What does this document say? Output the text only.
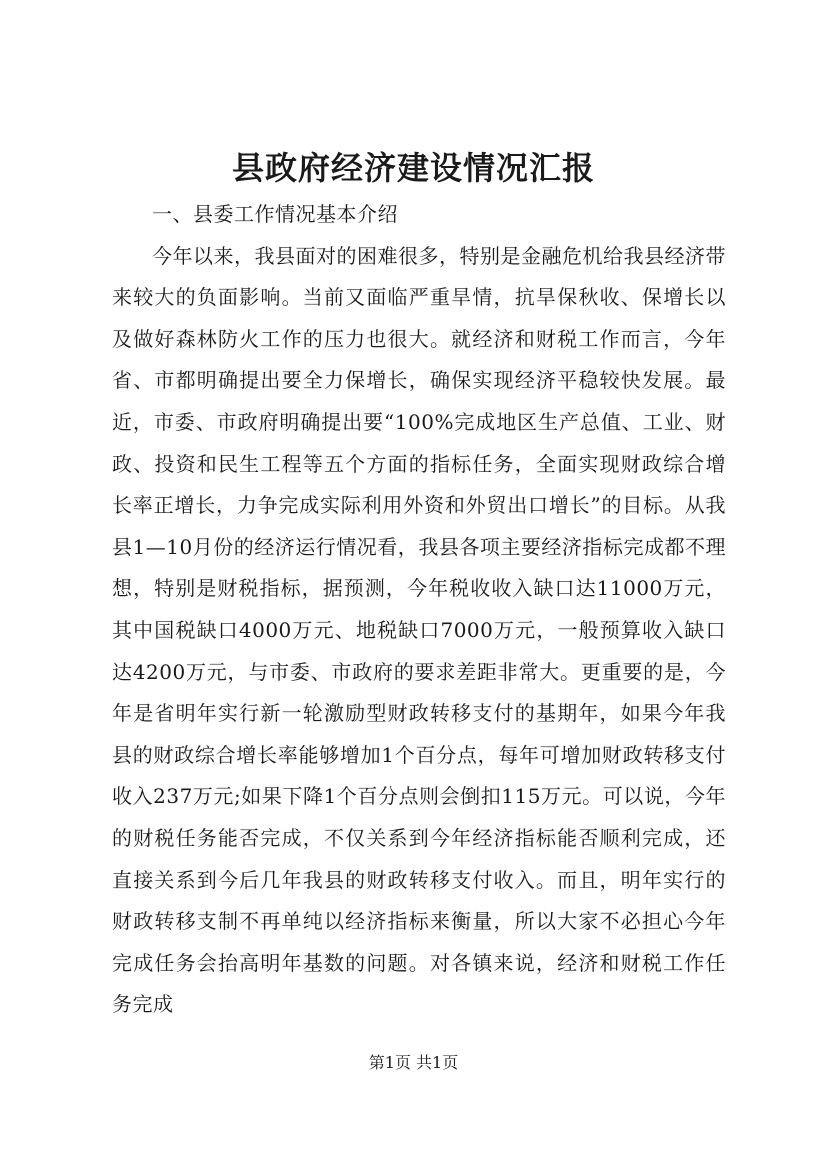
县政府经济建设情况汇报
一、县委工作情况基本介绍

今年以来，我县面对的困难很多，特别是金融危机给我县经济带来较大的负面影响。当前又面临严重旱情，抗旱保秋收、保增长以及做好森林防火工作的压力也很大。就经济和财税工作而言，今年省、市都明确提出要全力保增长，确保实现经济平稳较快发展。最近，市委、市政府明确提出要“100%完成地区生产总值、工业、财政、投资和民生工程等五个方面的指标任务，全面实现财政综合增长率正增长，力争完成实际利用外资和外贸出口增长”的目标。从我县1—10月份的经济运行情况看，我县各项主要经济指标完成都不理想，特别是财税指标，据预测，今年税收收入缺口达11000万元，其中国税缺口4000万元、地税缺口7000万元，一般预算收入缺口达4200万元，与市委、市政府的要求差距非常大。更重要的是，今年是省明年实行新一轮激励型财政转移支付的基期年，如果今年我县的财政综合增长率能够增加1个百分点，每年可增加财政转移支付收入237万元;如果下降1个百分点则会倒扣115万元。可以说，今年的财税任务能否完成，不仅关系到今年经济指标能否顺利完成，还直接关系到今后几年我县的财政转移支付收入。而且，明年实行的财政转移支制不再单纯以经济指标来衡量，所以大家不必担心今年完成任务会抬高明年基数的问题。对各镇来说，经济和财税工作任务完成

第1页 共1页
